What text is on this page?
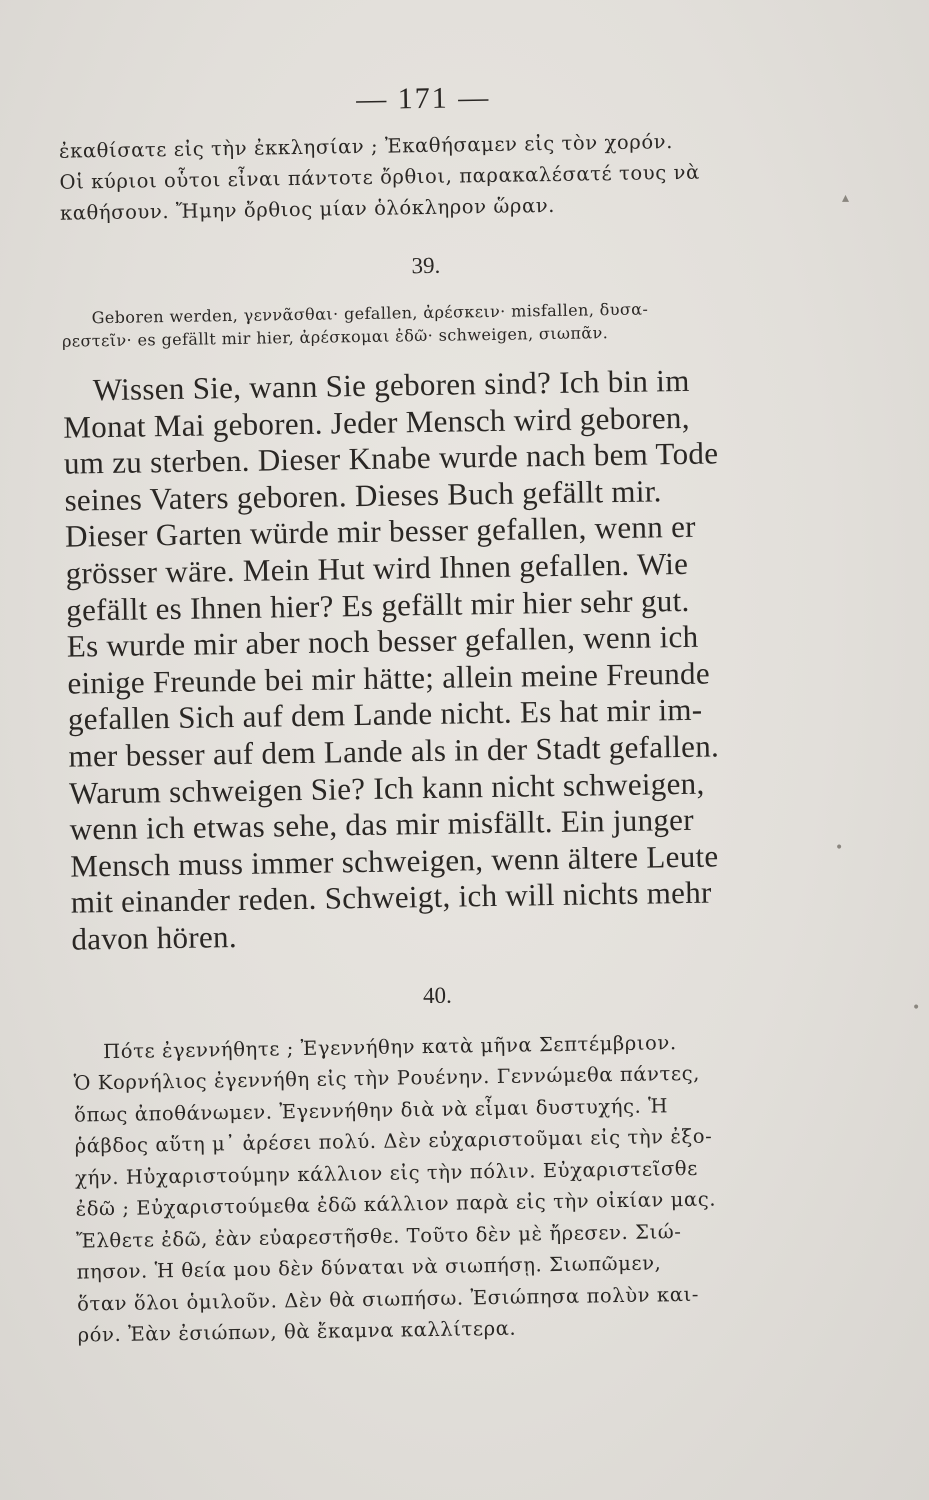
— 171 —
ἐκαθίσατε εἰς τὴν ἐκκλησίαν ; Ἐκαθήσαμεν εἰς τὸν χορόν.
Οἱ κύριοι οὗτοι εἶναι πάντοτε ὄρθιοι, παρακαλέσατέ τους νὰ
καθήσουν. Ἤμην ὄρθιος μίαν ὁλόκληρον ὥραν.
39.
Geboren werden, γεννᾶσθαι· gefallen, ἀρέσκειν· misfallen, δυσα-
ρεστεῖν· es gefällt mir hier, ἀρέσκομαι ἐδῶ· schweigen, σιωπᾶν.
Wissen Sie, wann Sie geboren sind? Ich bin im
Monat Mai geboren. Jeder Mensch wird geboren,
um zu sterben. Dieser Knabe wurde nach bem Tode
seines Vaters geboren. Dieses Buch gefällt mir.
Dieser Garten würde mir besser gefallen, wenn er
grösser wäre. Mein Hut wird Ihnen gefallen. Wie
gefällt es Ihnen hier? Es gefällt mir hier sehr gut.
Es wurde mir aber noch besser gefallen, wenn ich
einige Freunde bei mir hätte; allein meine Freunde
gefallen Sich auf dem Lande nicht. Es hat mir im-
mer besser auf dem Lande als in der Stadt gefallen.
Warum schweigen Sie? Ich kann nicht schweigen,
wenn ich etwas sehe, das mir misfällt. Ein junger
Mensch muss immer schweigen, wenn ältere Leute
mit einander reden. Schweigt, ich will nichts mehr
davon hören.
40.
Πότε ἐγεννήθητε ; Ἐγεννήθην κατὰ μῆνα Σεπτέμβριον.
Ὁ Κορνήλιος ἐγεννήθη εἰς τὴν Ρουένην. Γεννώμεθα πάντες,
ὅπως ἀποθάνωμεν. Ἐγεννήθην διὰ νὰ εἶμαι δυστυχής. Ἡ
ῥάβδος αὕτη μ᾿ ἀρέσει πολύ. Δὲν εὐχαριστοῦμαι εἰς τὴν ἐξο-
χήν. Ηὐχαριστούμην κάλλιον εἰς τὴν πόλιν. Εὐχαριστεῖσθε
ἐδῶ ; Εὐχαριστούμεθα ἐδῶ κάλλιον παρὰ εἰς τὴν οἰκίαν μας.
Ἔλθετε ἐδῶ, ἐὰν εὐαρεστῆσθε. Τοῦτο δὲν μὲ ἤρεσεν. Σιώ-
πησον. Ἡ θεία μου δὲν δύναται νὰ σιωπήσῃ. Σιωπῶμεν,
ὅταν ὅλοι ὁμιλοῦν. Δὲν θὰ σιωπήσω. Ἐσιώπησα πολὺν και-
ρόν. Ἐὰν ἐσιώπων, θὰ ἔκαμνα καλλίτερα.
▴
•
•
